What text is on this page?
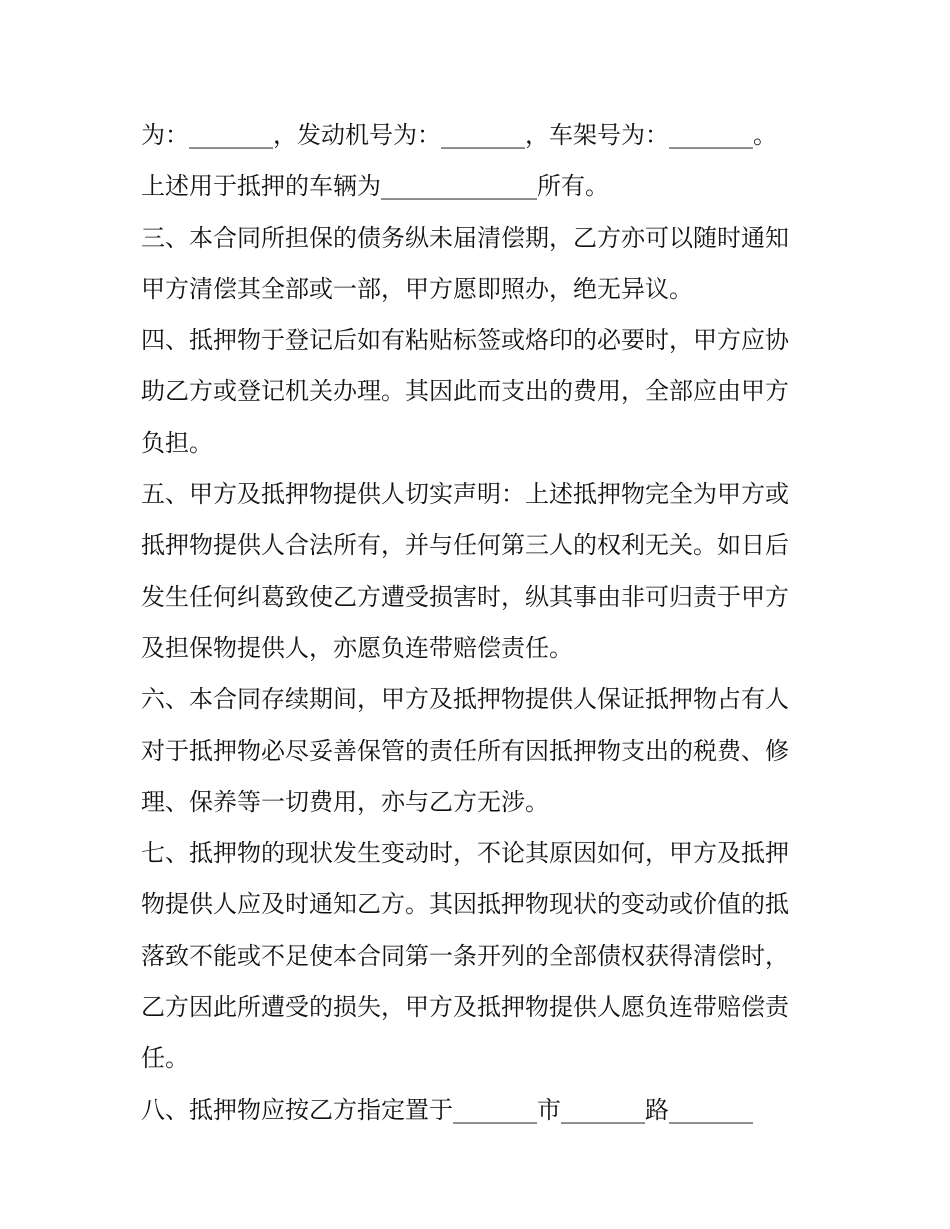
为：_______，发动机号为：_______，车架号为：_______。
上述用于抵押的车辆为_____________所有。
三、本合同所担保的债务纵未届清偿期，乙方亦可以随时通知
甲方清偿其全部或一部，甲方愿即照办，绝无异议。
四、抵押物于登记后如有粘贴标签或烙印的必要时，甲方应协
助乙方或登记机关办理。其因此而支出的费用，全部应由甲方
负担。
五、甲方及抵押物提供人切实声明：上述抵押物完全为甲方或
抵押物提供人合法所有，并与任何第三人的权利无关。如日后
发生任何纠葛致使乙方遭受损害时，纵其事由非可归责于甲方
及担保物提供人，亦愿负连带赔偿责任。
六、本合同存续期间，甲方及抵押物提供人保证抵押物占有人
对于抵押物必尽妥善保管的责任所有因抵押物支出的税费、修
理、保养等一切费用，亦与乙方无涉。
七、抵押物的现状发生变动时，不论其原因如何，甲方及抵押
物提供人应及时通知乙方。其因抵押物现状的变动或价值的抵
落致不能或不足使本合同第一条开列的全部债权获得清偿时，
乙方因此所遭受的损失，甲方及抵押物提供人愿负连带赔偿责
任。
八、抵押物应按乙方指定置于_______市_______路_______
